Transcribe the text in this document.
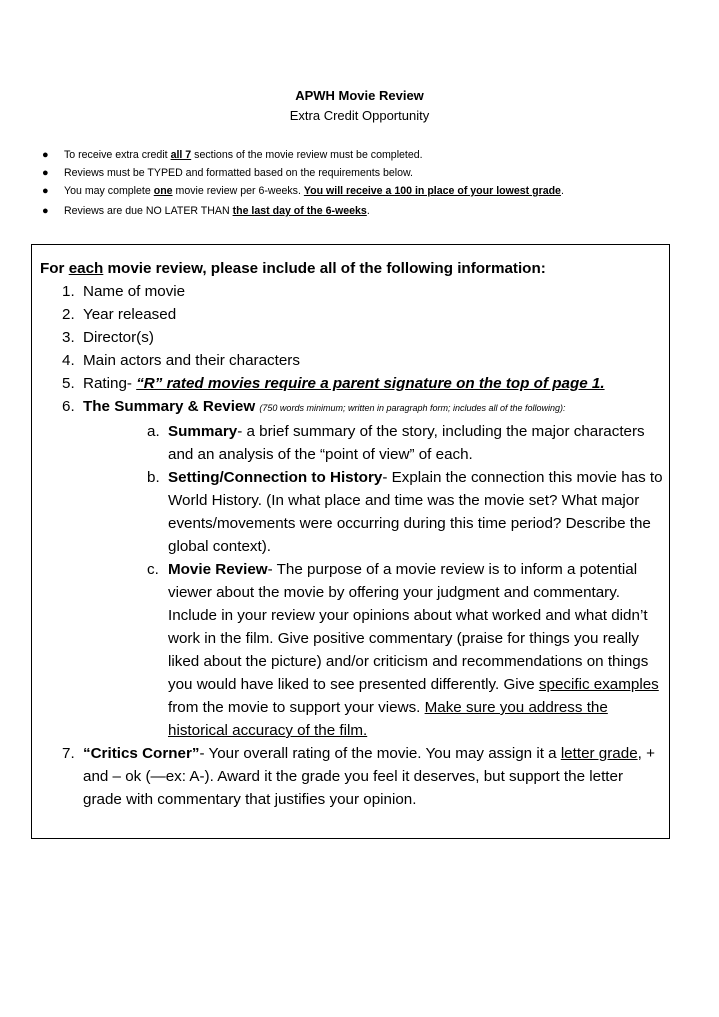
APWH Movie Review
Extra Credit Opportunity
● To receive extra credit all 7 sections of the movie review must be completed.
● Reviews must be TYPED and formatted based on the requirements below.
● You may complete one movie review per 6-weeks. You will receive a 100 in place of your lowest grade.
● Reviews are due NO LATER THAN the last day of the 6-weeks.
For each movie review, please include all of the following information:
1. Name of movie
2. Year released
3. Director(s)
4. Main actors and their characters
5. Rating- “R” rated movies require a parent signature on the top of page 1.
6. The Summary & Review (750 words minimum; written in paragraph form; includes all of the following):
a. Summary- a brief summary of the story, including the major characters and an analysis of the “point of view” of each.
b. Setting/Connection to History- Explain the connection this movie has to World History. (In what place and time was the movie set? What major events/movements were occurring during this time period? Describe the global context).
c. Movie Review- The purpose of a movie review is to inform a potential viewer about the movie by offering your judgment and commentary. Include in your review your opinions about what worked and what didn’t work in the film. Give positive commentary (praise for things you really liked about the picture) and/or criticism and recommendations on things you would have liked to see presented differently. Give specific examples from the movie to support your views. Make sure you address the historical accuracy of the film.
7. “Critics Corner”- Your overall rating of the movie. You may assign it a letter grade, + and – ok (—ex: A-). Award it the grade you feel it deserves, but support the letter grade with commentary that justifies your opinion.
